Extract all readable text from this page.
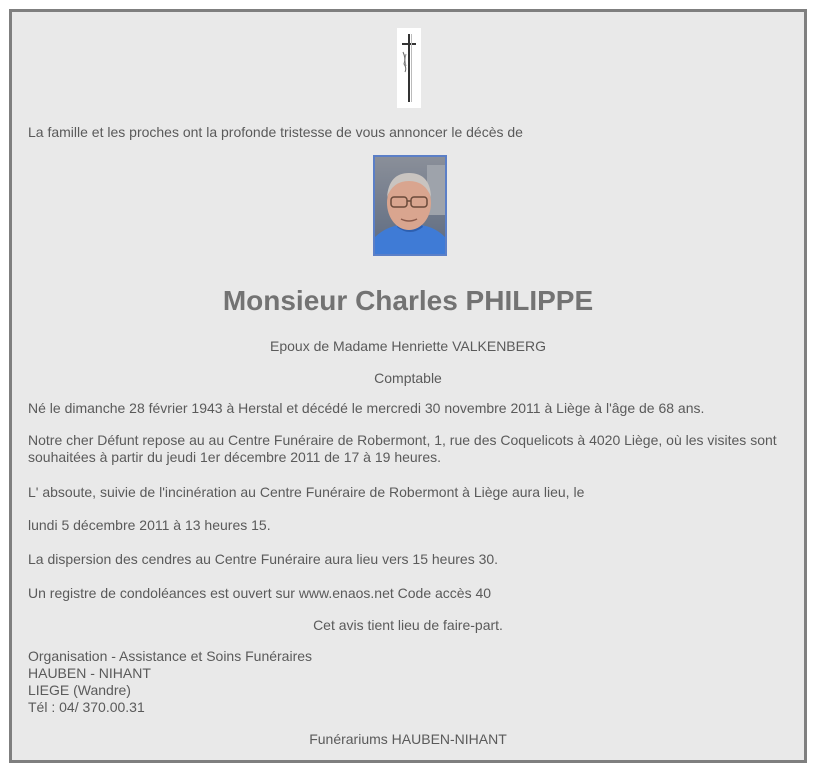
La famille et les proches ont la profonde tristesse de vous annoncer le décès de
Monsieur Charles PHILIPPE
Epoux de Madame Henriette VALKENBERG
Comptable
Né le dimanche 28 février 1943 à Herstal et décédé le mercredi 30 novembre 2011 à Liège à l'âge de 68 ans.
Notre cher Défunt repose au au Centre Funéraire de Robermont, 1, rue des Coquelicots à 4020 Liège, où les visites sont souhaitées à partir du jeudi 1er décembre 2011 de 17 à 19 heures.
L' absoute, suivie de l'incinération au Centre Funéraire de Robermont à Liège aura lieu, le
lundi 5 décembre 2011 à 13 heures 15.
La dispersion des cendres au Centre Funéraire aura lieu vers 15 heures 30.
Un registre de condoléances est ouvert sur www.enaos.net Code accès 40
Cet avis tient lieu de faire-part.
Organisation - Assistance et Soins Funéraires
HAUBEN - NIHANT
LIEGE (Wandre)
Tél : 04/ 370.00.31
Funérariums HAUBEN-NIHANT
